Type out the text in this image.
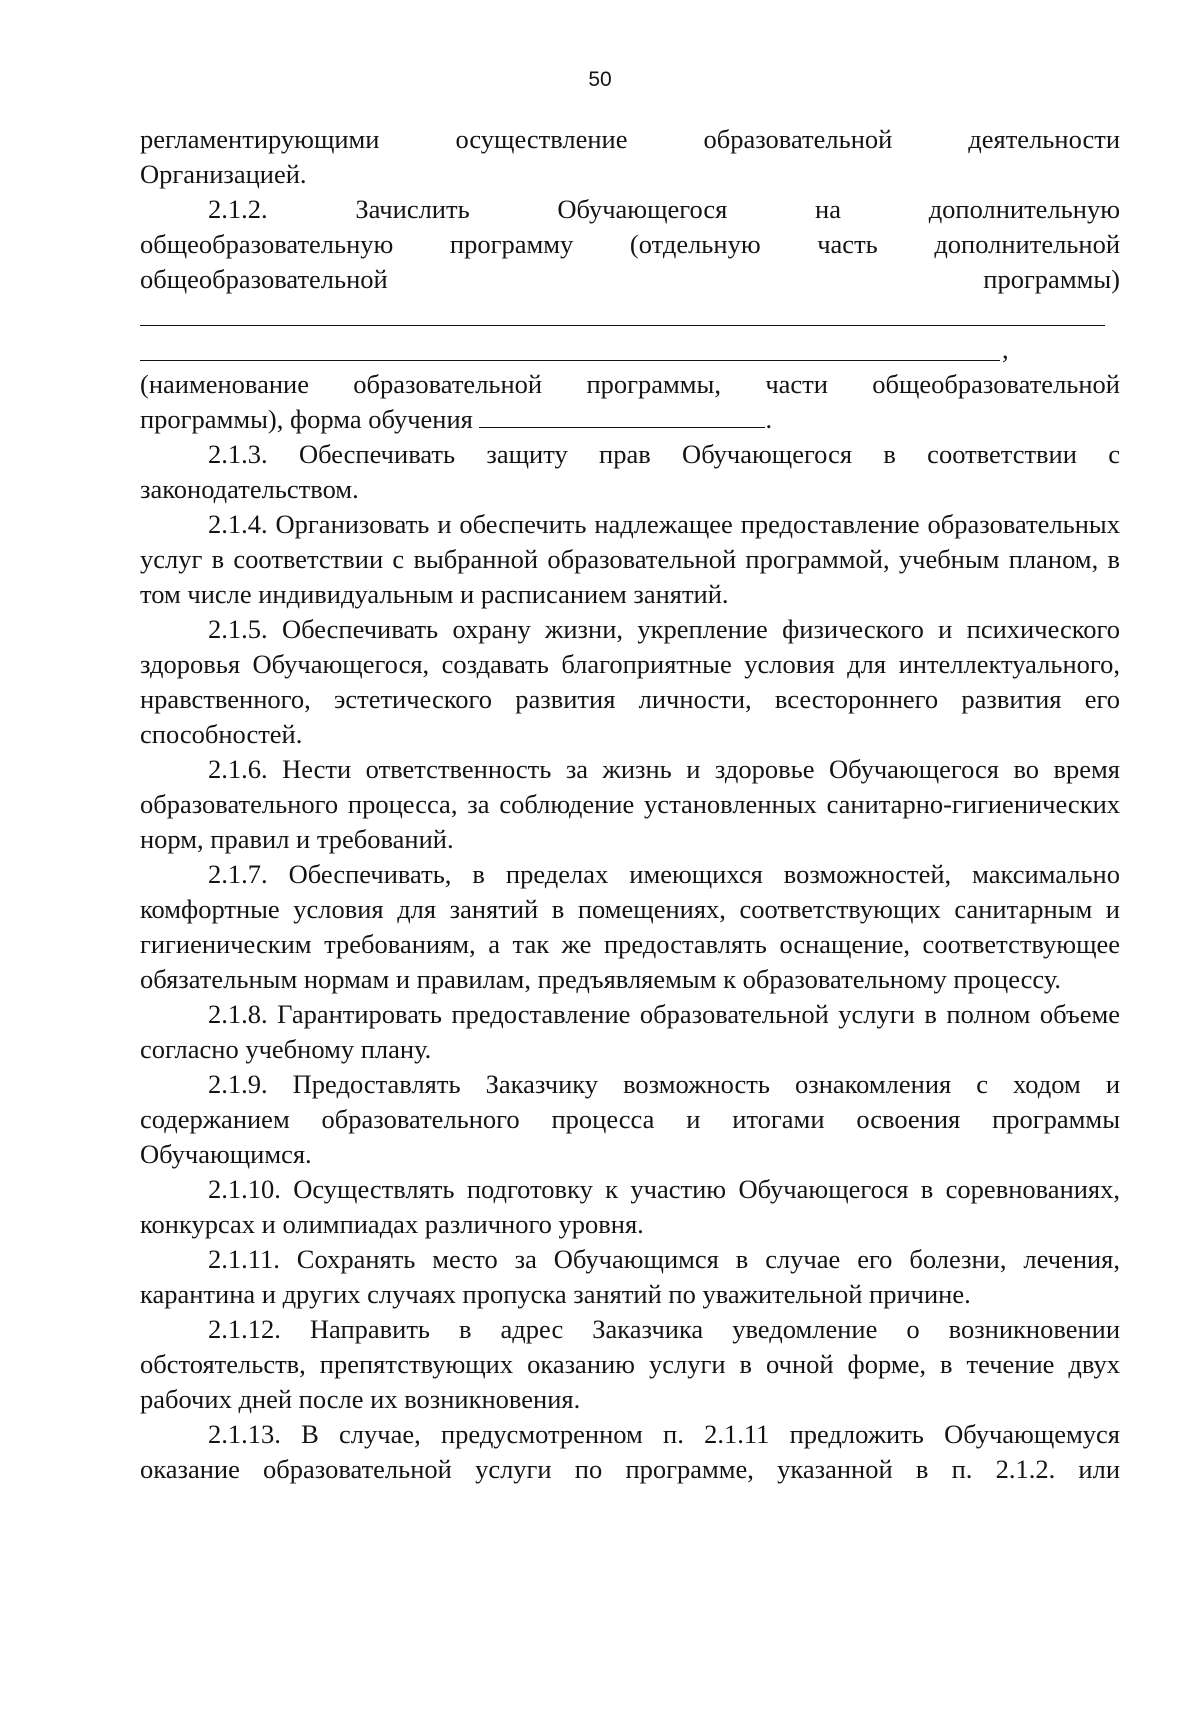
50

регламентирующими осуществление образовательной деятельности

Организацией.

2.1.2. Зачислить Обучающегося на дополнительную

общеобразовательную программу (отдельную часть дополнительной

общеобразовательной программы)

,

(наименование образовательной программы, части общеобразовательной

программы), форма обучения	.

2.1.3. Обеспечивать защиту прав Обучающегося в соответствии с законодательством.

2.1.4. Организовать и обеспечить надлежащее предоставление образовательных услуг в соответствии с выбранной образовательной программой, учебным планом, в том числе индивидуальным и расписанием занятий.

2.1.5. Обеспечивать охрану жизни, укрепление физического и психического здоровья Обучающегося, создавать благоприятные условия для интеллектуального, нравственного, эстетического развития личности, всестороннего развития его способностей.

2.1.6. Нести ответственность за жизнь и здоровье Обучающегося во время образовательного процесса, за соблюдение установленных санитарно-гигиенических норм, правил и требований.

2.1.7. Обеспечивать, в пределах имеющихся возможностей, максимально комфортные условия для занятий в помещениях, соответствующих санитарным и гигиеническим требованиям, а так же предоставлять оснащение, соответствующее обязательным нормам и правилам, предъявляемым к образовательному процессу.

2.1.8. Гарантировать предоставление образовательной услуги в полном объеме согласно учебному плану.

2.1.9. Предоставлять Заказчику возможность ознакомления с ходом и содержанием образовательного процесса и итогами освоения программы Обучающимся.

2.1.10. Осуществлять подготовку к участию Обучающегося в соревнованиях, конкурсах и олимпиадах различного уровня.

2.1.11. Сохранять место за Обучающимся в случае его болезни, лечения, карантина и других случаях пропуска занятий по уважительной причине.

2.1.12. Направить в адрес Заказчика уведомление о возникновении обстоятельств, препятствующих оказанию услуги в очной форме, в течение двух рабочих дней после их возникновения.

2.1.13. В случае, предусмотренном п. 2.1.11 предложить Обучающемуся оказание образовательной услуги по программе, указанной в п. 2.1.2. или
